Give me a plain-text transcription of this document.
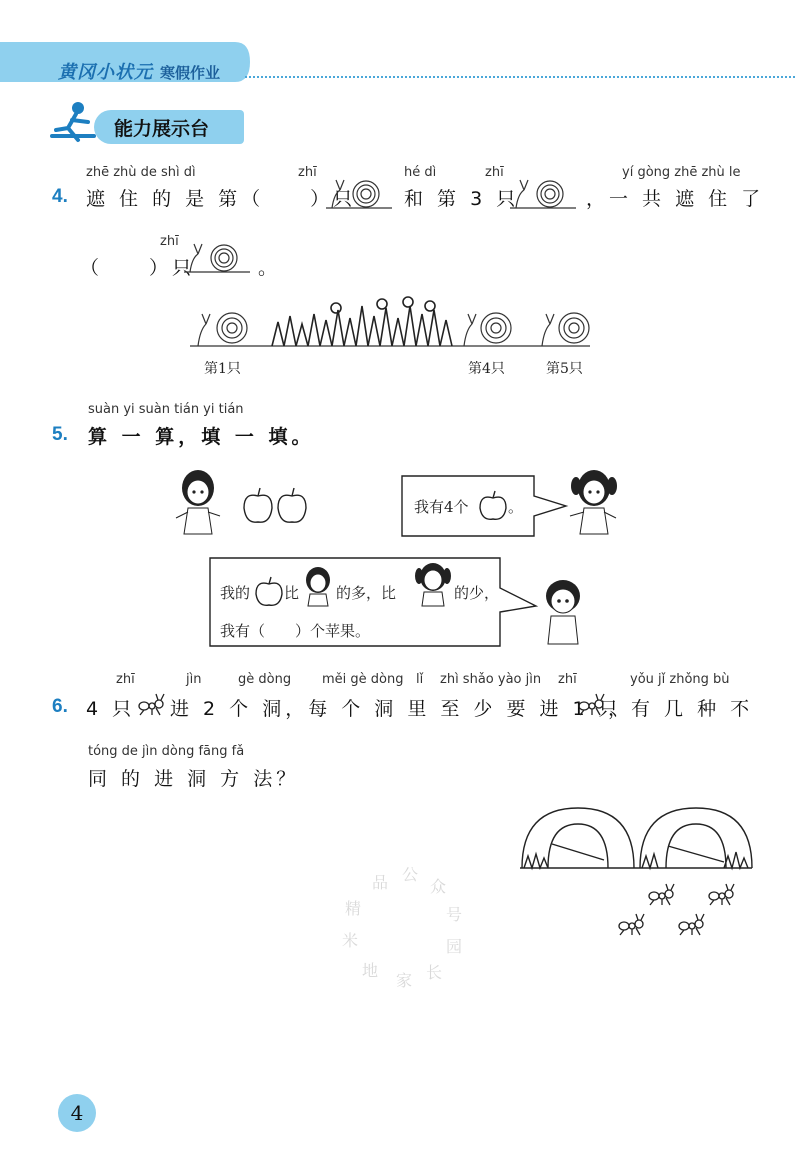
黄冈小状元 寒假作业
能力展示台
zhē zhù de shì dì	zhī	hé dì	zhī	yí gòng zhē zhù le
4. 遮 住 的 是 第（　　）只	和 第 3 只	，一 共 遮 住 了
zhī
（　　）只	。
第1只	第4只	第5只
suàn yi suàn tián yi tián
5. 算 一 算，填 一 填。
我有4个	。
我的 比 的多，比	的少，
我有（　　）个苹果。
zhī	jìn	gè dòng měi gè dòng lǐ zhì shǎo yào jìn zhī	yǒu jǐ zhǒng bù
6. 4 只 进 2 个 洞，每 个 洞 里 至 少 要 进 1 只
，有 几 种 不
tóng de jìn dòng fāng fǎ
同 的 进 洞 方 法？
精
品 公
众
号
园
长
家
地
米
4
